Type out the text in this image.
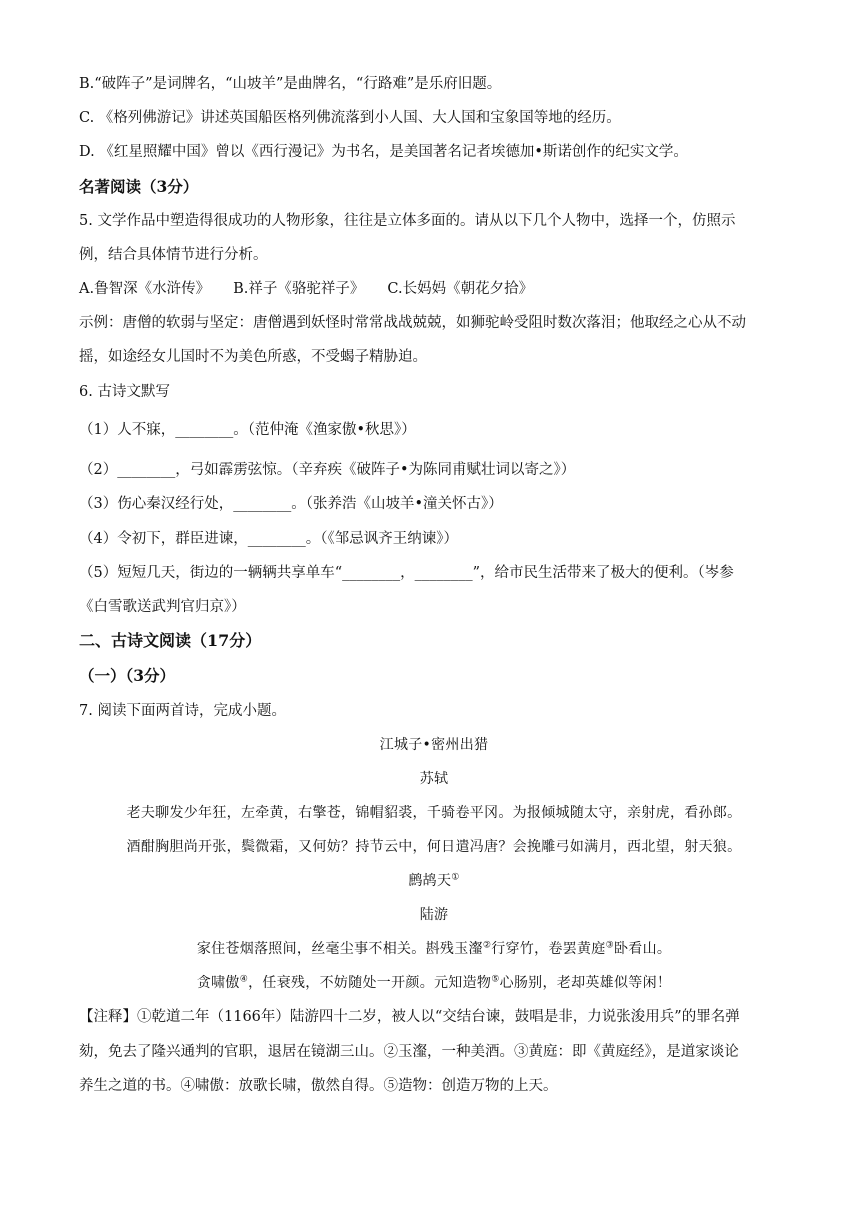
B.“破阵子”是词牌名，“山坡羊”是曲牌名，“行路难”是乐府旧题。
C. 《格列佛游记》讲述英国船医格列佛流落到小人国、大人国和宝象国等地的经历。
D. 《红星照耀中国》曾以《西行漫记》为书名，是美国著名记者埃德加•斯诺创作的纪实文学。
名著阅读（3分）
5. 文学作品中塑造得很成功的人物形象，往往是立体多面的。请从以下几个人物中，选择一个，仿照示
例，结合具体情节进行分析。
A.鲁智深《水浒传》     B.祥子《骆驼祥子》     C.长妈妈《朝花夕拾》
示例：唐僧的软弱与坚定：唐僧遇到妖怪时常常战战兢兢，如狮驼岭受阻时数次落泪；他取经之心从不动
摇，如途经女儿国时不为美色所惑，不受蝎子精胁迫。
6. 古诗文默写
（1）人不寐，________。（范仲淹《渔家傲•秋思》）
（2）________，弓如霹雳弦惊。（辛弃疾《破阵子•为陈同甫赋壮词以寄之》）
（3）伤心秦汉经行处，________。（张养浩《山坡羊•潼关怀古》）
（4）令初下，群臣进谏，________。（《邹忌讽齐王纳谏》）
（5）短短几天，街边的一辆辆共享单车“________，________”，给市民生活带来了极大的便利。（岑参
《白雪歌送武判官归京》）
二、古诗文阅读（17分）
（一）（3分）
7. 阅读下面两首诗，完成小题。
江城子•密州出猎
苏轼
老夫聊发少年狂，左牵黄，右擎苍，锦帽貂裘，千骑卷平冈。为报倾城随太守，亲射虎，看孙郎。
酒酣胸胆尚开张，鬓微霜，又何妨？持节云中，何日遣冯唐？会挽雕弓如满月，西北望，射天狼。
鹧鸪天①
陆游
家住苍烟落照间，丝毫尘事不相关。斟残玉瀣②行穿竹，卷罢黄庭③卧看山。
贪啸傲④，任衰残，不妨随处一开颜。元知造物⑤心肠别，老却英雄似等闲！
【注释】①乾道二年（1166年）陆游四十二岁，被人以“交结台谏，鼓唱是非，力说张浚用兵”的罪名弹
劾，免去了隆兴通判的官职，退居在镜湖三山。②玉瀣，一种美酒。③黄庭：即《黄庭经》，是道家谈论
养生之道的书。④啸傲：放歌长啸，傲然自得。⑤造物：创造万物的上天。
